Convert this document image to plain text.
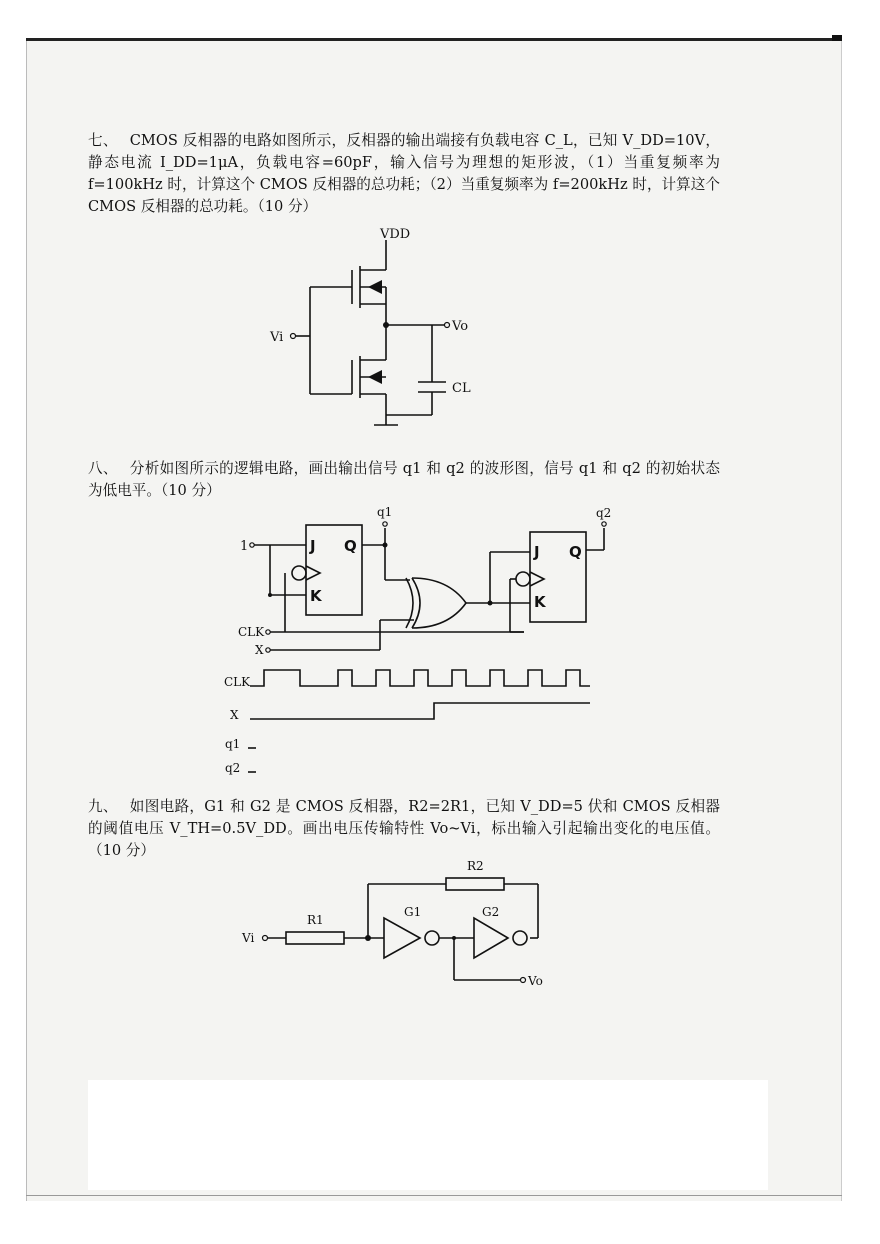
七、 CMOS 反相器的电路如图所示，反相器的输出端接有负载电容 C_L，已知 V_DD=10V，静态电流 I_DD=1μA，负载电容=60pF，输入信号为理想的矩形波，（1）当重复频率为 f=100kHz 时，计算这个 CMOS 反相器的总功耗；（2）当重复频率为 f=200kHz 时，计算这个 CMOS 反相器的总功耗。（10 分）

VDD
Vi
Vo
CL
1	J Q
K
J Q
K
q1	q2
CLK
X
CLK
X
q1
q2
Vi
R1
R2
G1	G2
Vo

八、 分析如图所示的逻辑电路，画出输出信号 q1 和 q2 的波形图，信号 q1 和 q2 的初始状态为低电平。（10 分）

九、 如图电路，G1 和 G2 是 CMOS 反相器，R2=2R1，已知 V_DD=5 伏和 CMOS 反相器的阈值电压 V_TH=0.5V_DD。画出电压传输特性 Vo~Vi，标出输入引起输出变化的电压值。（10 分）
